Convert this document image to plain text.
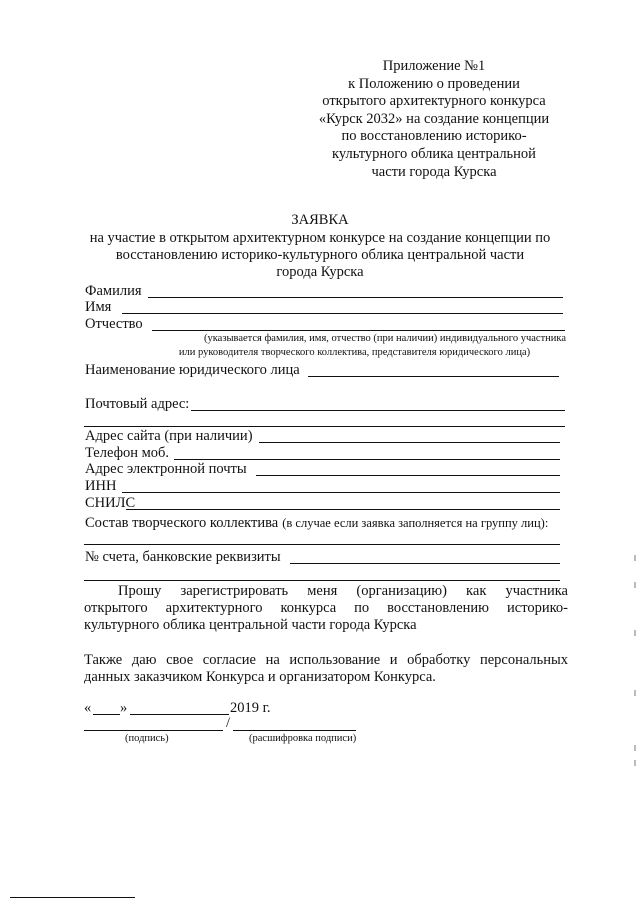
Приложение №1
к Положению о проведении
открытого архитектурного конкурса
«Курск 2032» на создание концепции
по восстановлению историко-
культурного облика центральной
части города Курска
ЗАЯВКА
на участие в открытом архитектурном конкурсе на создание концепции по
восстановлению историко-культурного облика центральной части
города Курска
Фамилия
Имя
Отчество
(указывается фамилия, имя, отчество (при наличии) индивидуального участника
или руководителя творческого коллектива, представителя юридического лица)
Наименование юридического лица
Почтовый адрес:
Адрес сайта (при наличии)
Телефон моб.
Адрес электронной почты
ИНН
СНИЛС
Состав творческого коллектива (в случае если заявка заполняется на группу лиц):
№ счета, банковские реквизиты
Прошу зарегистрировать меня (организацию) как участника
открытого архитектурного конкурса по восстановлению историко-
культурного облика центральной части города Курска
Также даю свое согласие на использование и обработку персональных
данных заказчиком Конкурса и организатором Конкурса.
« »	2019 г.
/
(подпись)	(расшифровка подписи)
